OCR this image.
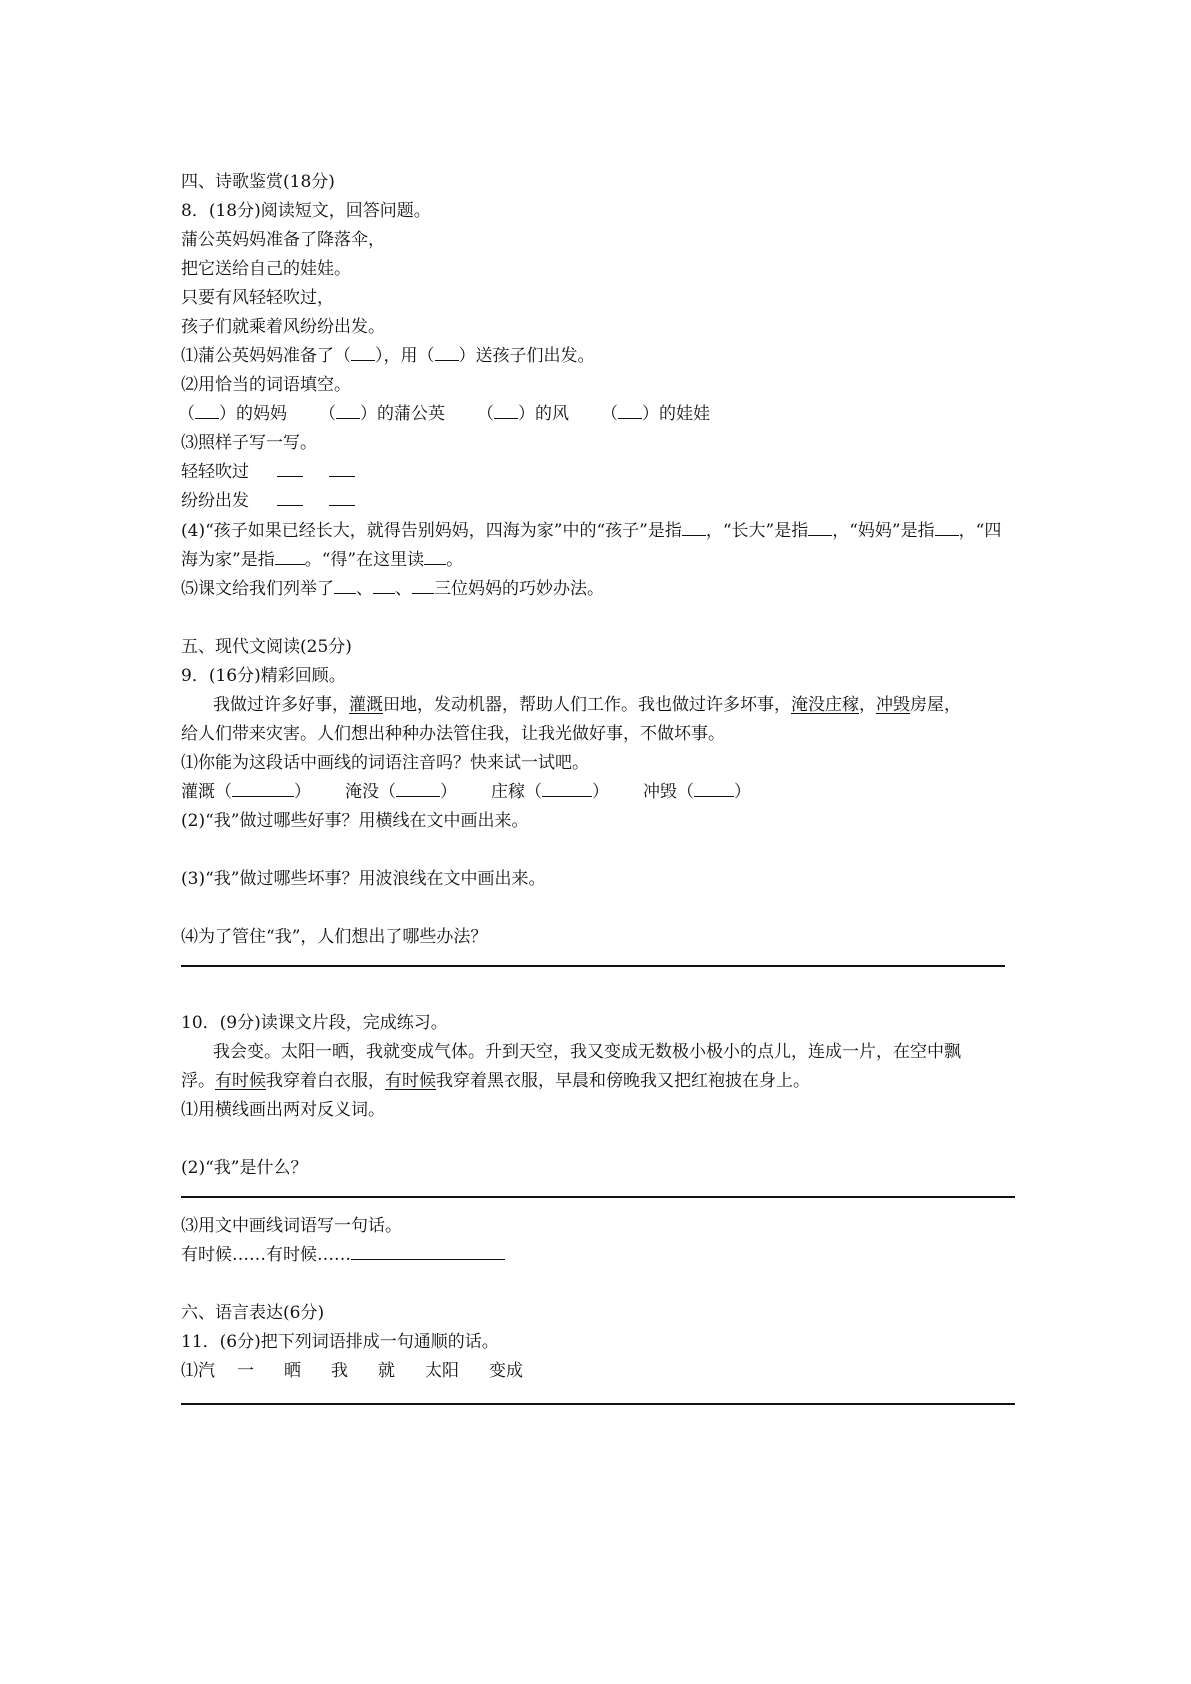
四、诗歌鉴赏(18分)
8．(18分)阅读短文，回答问题。
蒲公英妈妈准备了降落伞，
把它送给自己的娃娃。
只要有风轻轻吹过，
孩子们就乘着风纷纷出发。
⑴蒲公英妈妈准备了（ ），用（ ）送孩子们出发。
⑵用恰当的词语填空。
（ ）的妈妈 （ ）的蒲公英 （ ）的风 （ ）的娃娃
⑶照样子写一写。
轻轻吹过
纷纷出发
(4)“孩子如果已经长大，就得告别妈妈，四海为家”中的“孩子”是指 ，“长大”是指 ，“妈妈”是指 ，“四
海为家”是指 。“得”在这里读 。
⑸课文给我们列举了 、 、 三位妈妈的巧妙办法。
五、现代文阅读(25分)
9．(16分)精彩回顾。
我做过许多好事，灌溉田地，发动机器，帮助人们工作。我也做过许多坏事，淹没庄稼，冲毁房屋，
给人们带来灾害。人们想出种种办法管住我，让我光做好事，不做坏事。
⑴你能为这段话中画线的词语注音吗？快来试一试吧。
灌溉（	） 淹没（	） 庄稼（	） 冲毁（ ）
(2)“我”做过哪些好事？用横线在文中画出来。
(3)“我”做过哪些坏事？用波浪线在文中画出来。
⑷为了管住“我”，人们想出了哪些办法？
10．(9分)读课文片段，完成练习。
我会变。太阳一晒，我就变成气体。升到天空，我又变成无数极小极小的点儿，连成一片，在空中飘
浮。有时候我穿着白衣服，有时候我穿着黑衣服，早晨和傍晚我又把红袍披在身上。
⑴用横线画出两对反义词。
(2)“我”是什么？
⑶用文中画线词语写一句话。
有时候……有时候……
六、语言表达(6分)
11．(6分)把下列词语排成一句通顺的话。
⑴汽 一 晒 我 就 太阳 变成
